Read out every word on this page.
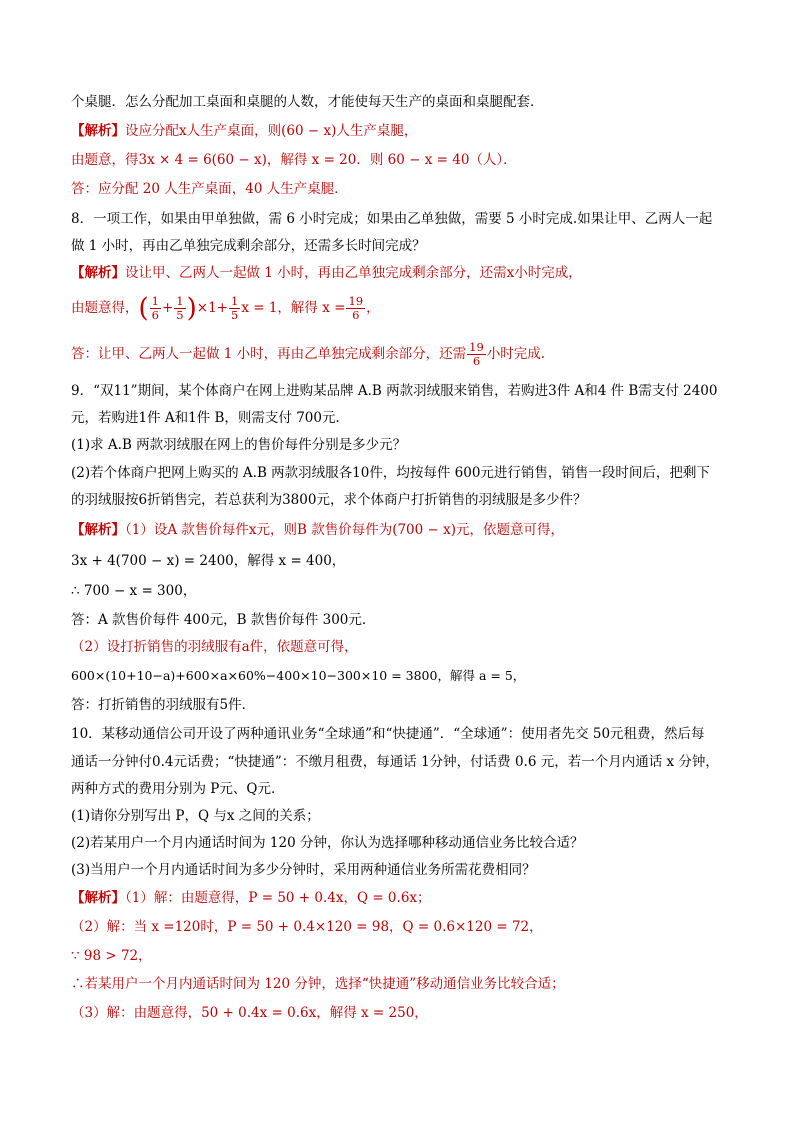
个桌腿．怎么分配加工桌面和桌腿的人数，才能使每天生产的桌面和桌腿配套．
【解析】设应分配x人生产桌面，则(60 − x)人生产桌腿，
由题意，得3x × 4 = 6(60 − x)，解得 x = 20．则 60 − x = 40（人）．
答：应分配 20 人生产桌面，40 人生产桌腿．
8．一项工作，如果由甲单独做，需 6 小时完成；如果由乙单独做，需要 5 小时完成.如果让甲、乙两人一起
做 1 小时，再由乙单独完成剩余部分，还需多长时间完成？
【解析】设让甲、乙两人一起做 1 小时，再由乙单独完成剩余部分，还需x小时完成，
由题意得，( $\frac{1}{6} + \frac{1}{5} )\times 1+ \frac{1}{5}$ x = 1，解得 $x = \frac{19}{6}$ ，
答：让甲、乙两人一起做 1 小时，再由乙单独完成剩余部分，还需 $\frac{19}{6}$ 小时完成.
9．“双11”期间，某个体商户在网上进购某品牌 A.B 两款羽绒服来销售，若购进3件 A和4 件 B需支付 2400
元，若购进1件 A和1件 B，则需支付 700元．
(1)求 A.B 两款羽绒服在网上的售价每件分别是多少元？
(2)若个体商户把网上购买的 A.B 两款羽绒服各10件，均按每件 600元进行销售，销售一段时间后，把剩下
的羽绒服按6折销售完，若总获利为3800元，求个体商户打折销售的羽绒服是多少件？
【解析】（1）设A 款售价每件x元，则B 款售价每件为(700 − x)元，依题意可得，
3x + 4(700 − x) = 2400，解得 x = 400，
∴ 700 − x = 300，
答：A 款售价每件 400元，B 款售价每件 300元．
（2）设打折销售的羽绒服有a件，依题意可得，
600×(10+10−a)+600×a×60%−400×10−300×10 = 3800，解得 a = 5，
答：打折销售的羽绒服有5件．
10．某移动通信公司开设了两种通讯业务“全球通”和“快捷通”．“全球通”：使用者先交 50元租费，然后每
通话一分钟付0.4元话费；“快捷通”：不缴月租费，每通话 1分钟，付话费 0.6 元，若一个月内通话 x 分钟，
两种方式的费用分别为 P元、Q元．
(1)请你分别写出 P，Q 与x 之间的关系；
(2)若某用户一个月内通话时间为 120 分钟，你认为选择哪种移动通信业务比较合适？
(3)当用户一个月内通话时间为多少分钟时，采用两种通信业务所需花费相同？
【解析】（1）解：由题意得，P = 50 + 0.4x，Q = 0.6x；
（2）解：当 x =120时，P = 50 + 0.4×120 = 98，Q = 0.6×120 = 72，
∵ 98 > 72，
∴若某用户一个月内通话时间为 120 分钟，选择“快捷通”移动通信业务比较合适；
（3）解：由题意得，50 + 0.4x = 0.6x，解得 x = 250，
